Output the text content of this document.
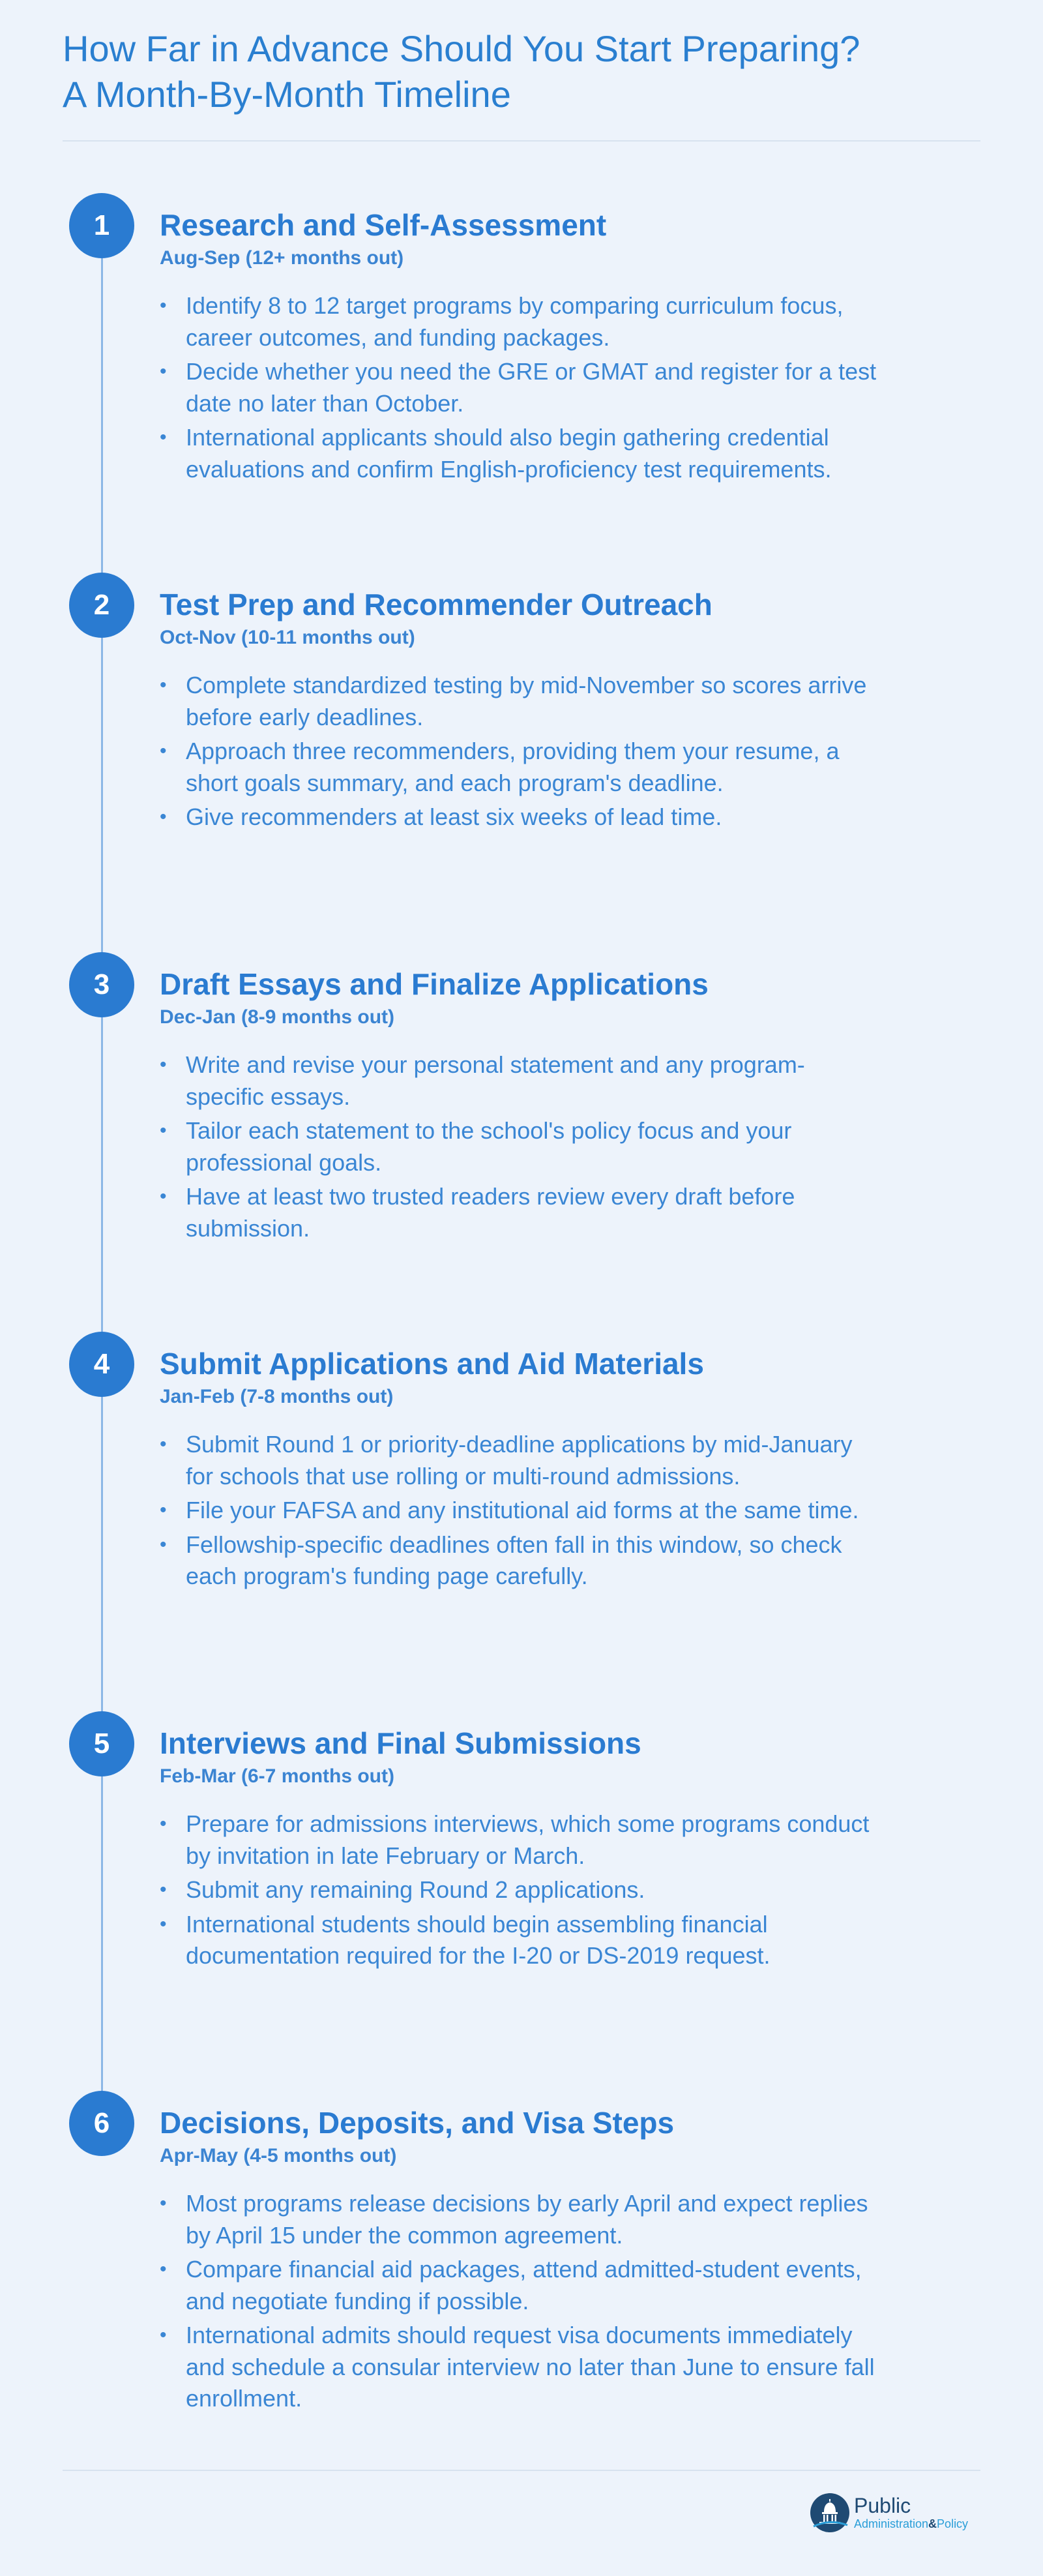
How Far in Advance Should You Start Preparing?
A Month-By-Month Timeline
1	Research and Self-Assessment
Aug-Sep (12+ months out)
• Identify 8 to 12 target programs by comparing curriculum focus, career outcomes, and funding packages.
• Decide whether you need the GRE or GMAT and register for a test date no later than October.
• International applicants should also begin gathering credential evaluations and confirm English-proficiency test requirements.
2	Test Prep and Recommender Outreach
Oct-Nov (10-11 months out)
• Complete standardized testing by mid-November so scores arrive before early deadlines.
• Approach three recommenders, providing them your resume, a short goals summary, and each program's deadline.
• Give recommenders at least six weeks of lead time.
3	Draft Essays and Finalize Applications
Dec-Jan (8-9 months out)
• Write and revise your personal statement and any program-specific essays.
• Tailor each statement to the school's policy focus and your professional goals.
• Have at least two trusted readers review every draft before submission.
4	Submit Applications and Aid Materials
Jan-Feb (7-8 months out)
• Submit Round 1 or priority-deadline applications by mid-January for schools that use rolling or multi-round admissions.
• File your FAFSA and any institutional aid forms at the same time.
• Fellowship-specific deadlines often fall in this window, so check each program's funding page carefully.
5	Interviews and Final Submissions
Feb-Mar (6-7 months out)
• Prepare for admissions interviews, which some programs conduct by invitation in late February or March.
• Submit any remaining Round 2 applications.
• International students should begin assembling financial documentation required for the I-20 or DS-2019 request.
6	Decisions, Deposits, and Visa Steps
Apr-May (4-5 months out)
• Most programs release decisions by early April and expect replies by April 15 under the common agreement.
• Compare financial aid packages, attend admitted-student events, and negotiate funding if possible.
• International admits should request visa documents immediately and schedule a consular interview no later than June to ensure fall enrollment.
Public
Administration&Policy
